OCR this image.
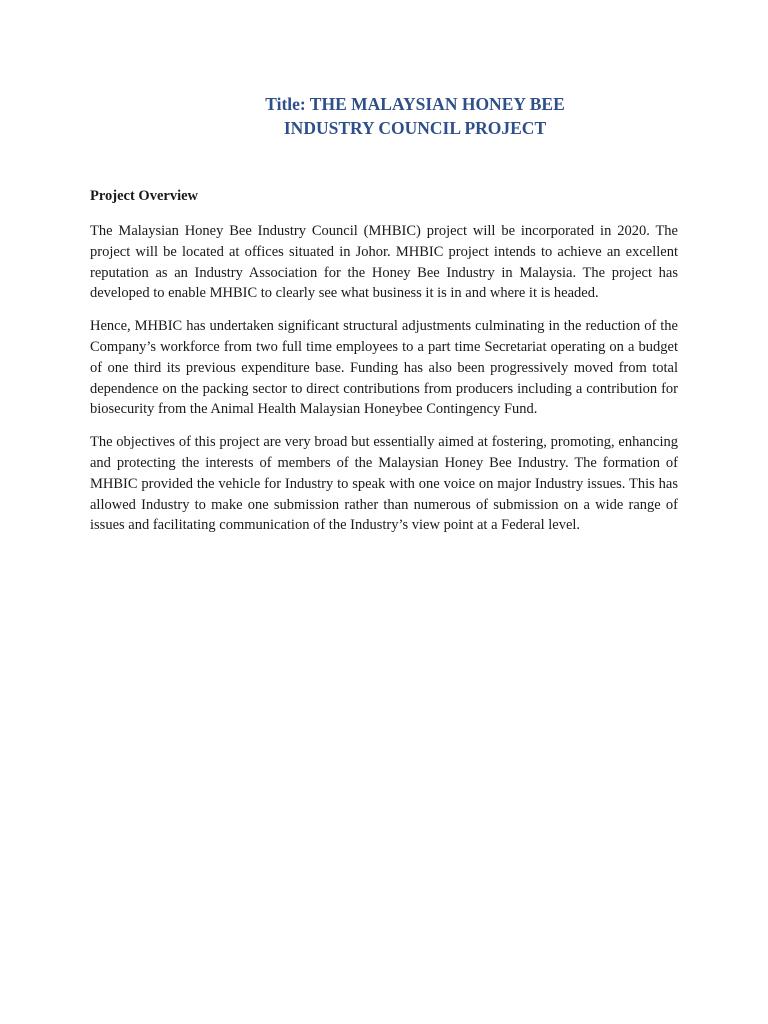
Title: THE MALAYSIAN HONEY BEE
INDUSTRY COUNCIL PROJECT
Project Overview

The Malaysian Honey Bee Industry Council (MHBIC) project will be incorporated in 2020. The project will be located at offices situated in Johor. MHBIC project intends to achieve an excellent reputation as an Industry Association for the Honey Bee Industry in Malaysia. The project has developed to enable MHBIC to clearly see what business it is in and where it is headed.

Hence, MHBIC has undertaken significant structural adjustments culminating in the reduction of the Company’s workforce from two full time employees to a part time Secretariat operating on a budget of one third its previous expenditure base. Funding has also been progressively moved from total dependence on the packing sector to direct contributions from producers including a contribution for biosecurity from the Animal Health Malaysian Honeybee Contingency Fund.

The objectives of this project are very broad but essentially aimed at fostering, promoting, enhancing and protecting the interests of members of the Malaysian Honey Bee Industry. The formation of MHBIC provided the vehicle for Industry to speak with one voice on major Industry issues. This has allowed Industry to make one submission rather than numerous of submission on a wide range of issues and facilitating communication of the Industry’s view point at a Federal level.
